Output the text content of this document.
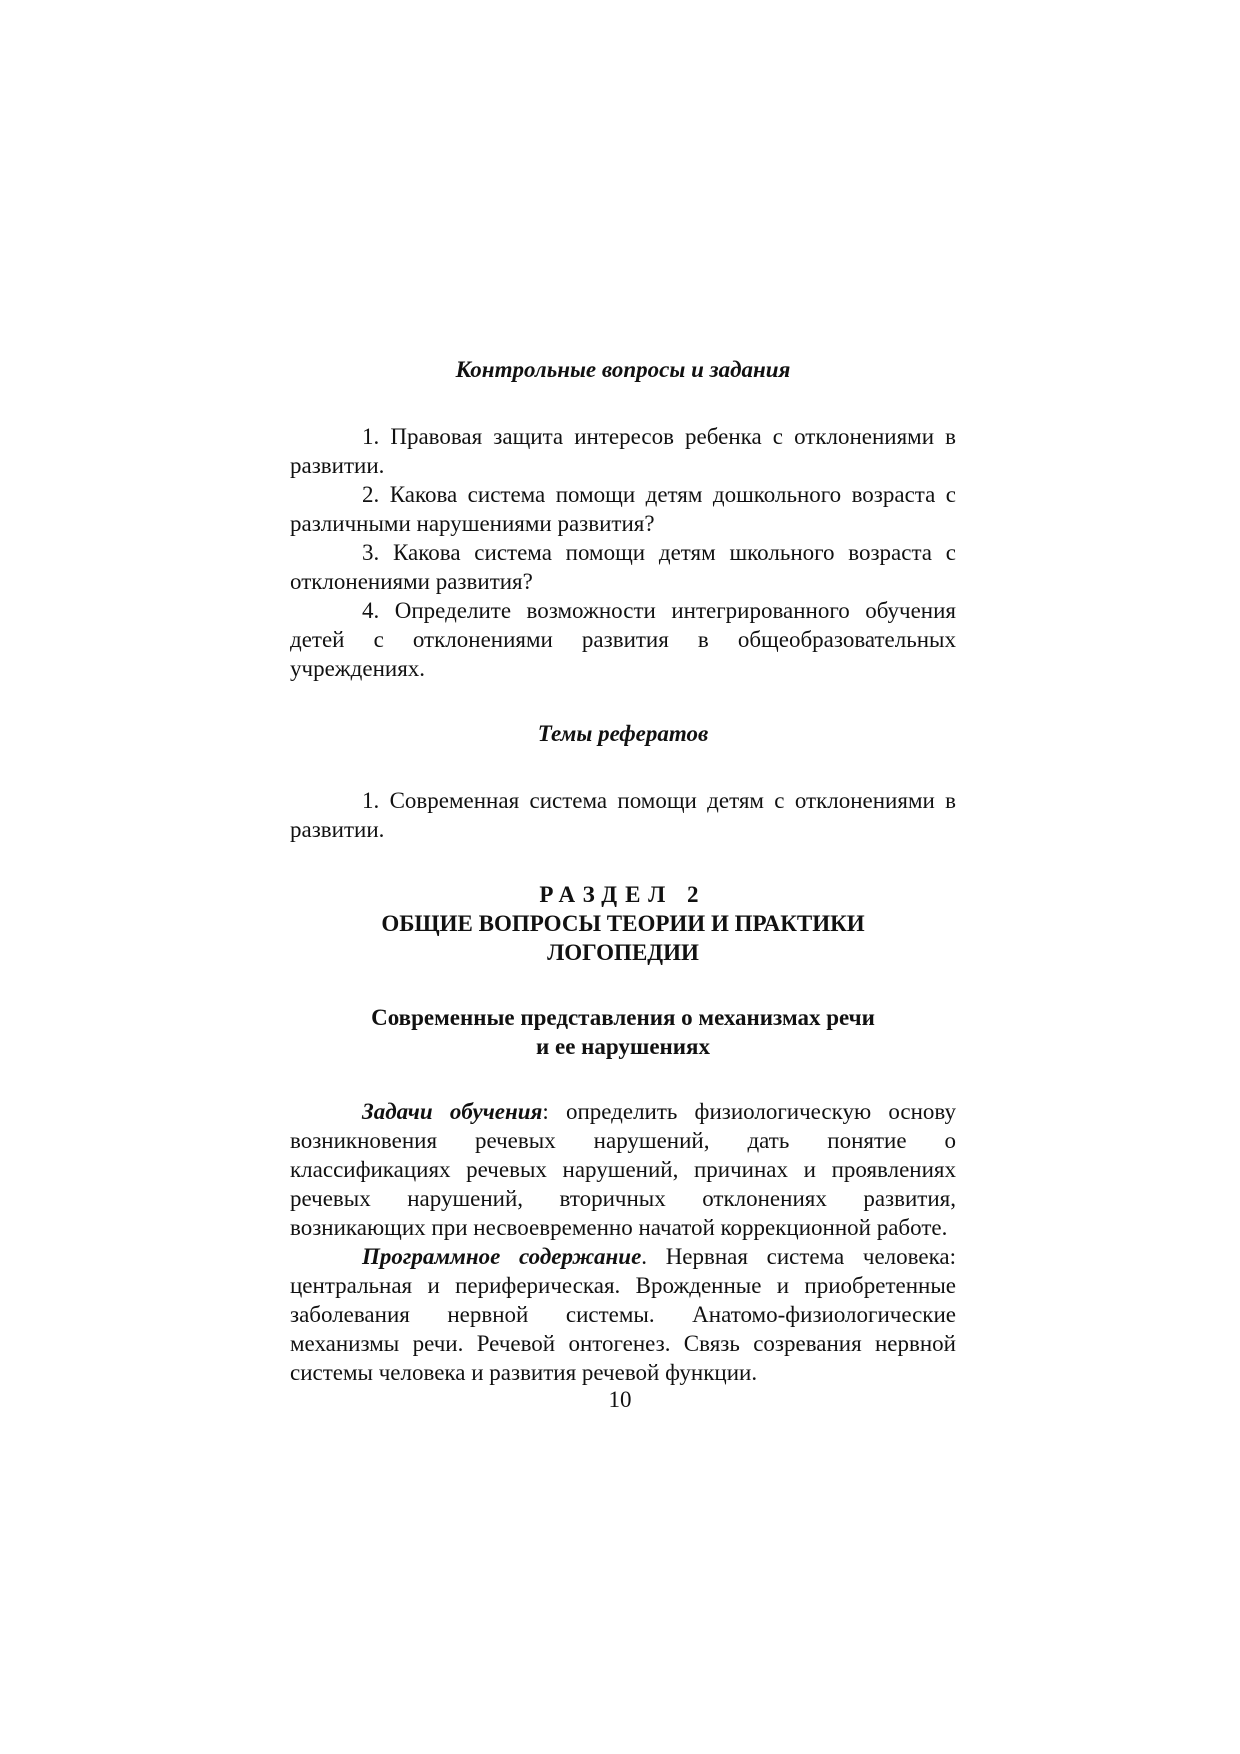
Контрольные вопросы и задания

1. Правовая защита интересов ребенка с отклонениями в развитии.

2. Какова система помощи детям дошкольного возраста с различными нарушениями развития?

3. Какова система помощи детям школьного возраста с отклонениями развития?

4. Определите возможности интегрированного обучения детей с отклонениями развития в общеобразовательных учреждениях.

Темы рефератов

1. Современная система помощи детям с отклонениями в развитии.

РАЗДЕЛ 2

ОБЩИЕ ВОПРОСЫ ТЕОРИИ И ПРАКТИКИ

ЛОГОПЕДИИ

Современные представления о механизмах речи

и ее нарушениях

Задачи обучения: определить физиологическую основу возникновения речевых нарушений, дать понятие о классификациях речевых нарушений, причинах и проявлениях речевых нарушений, вторичных отклонениях развития, возникающих при несвоевременно начатой коррекционной работе.

Программное содержание. Нервная система человека: центральная и периферическая. Врожденные и приобретенные заболевания нервной системы. Анатомо-физиологические механизмы речи. Речевой онтогенез. Связь созревания нервной системы человека и развития речевой функции.

10
